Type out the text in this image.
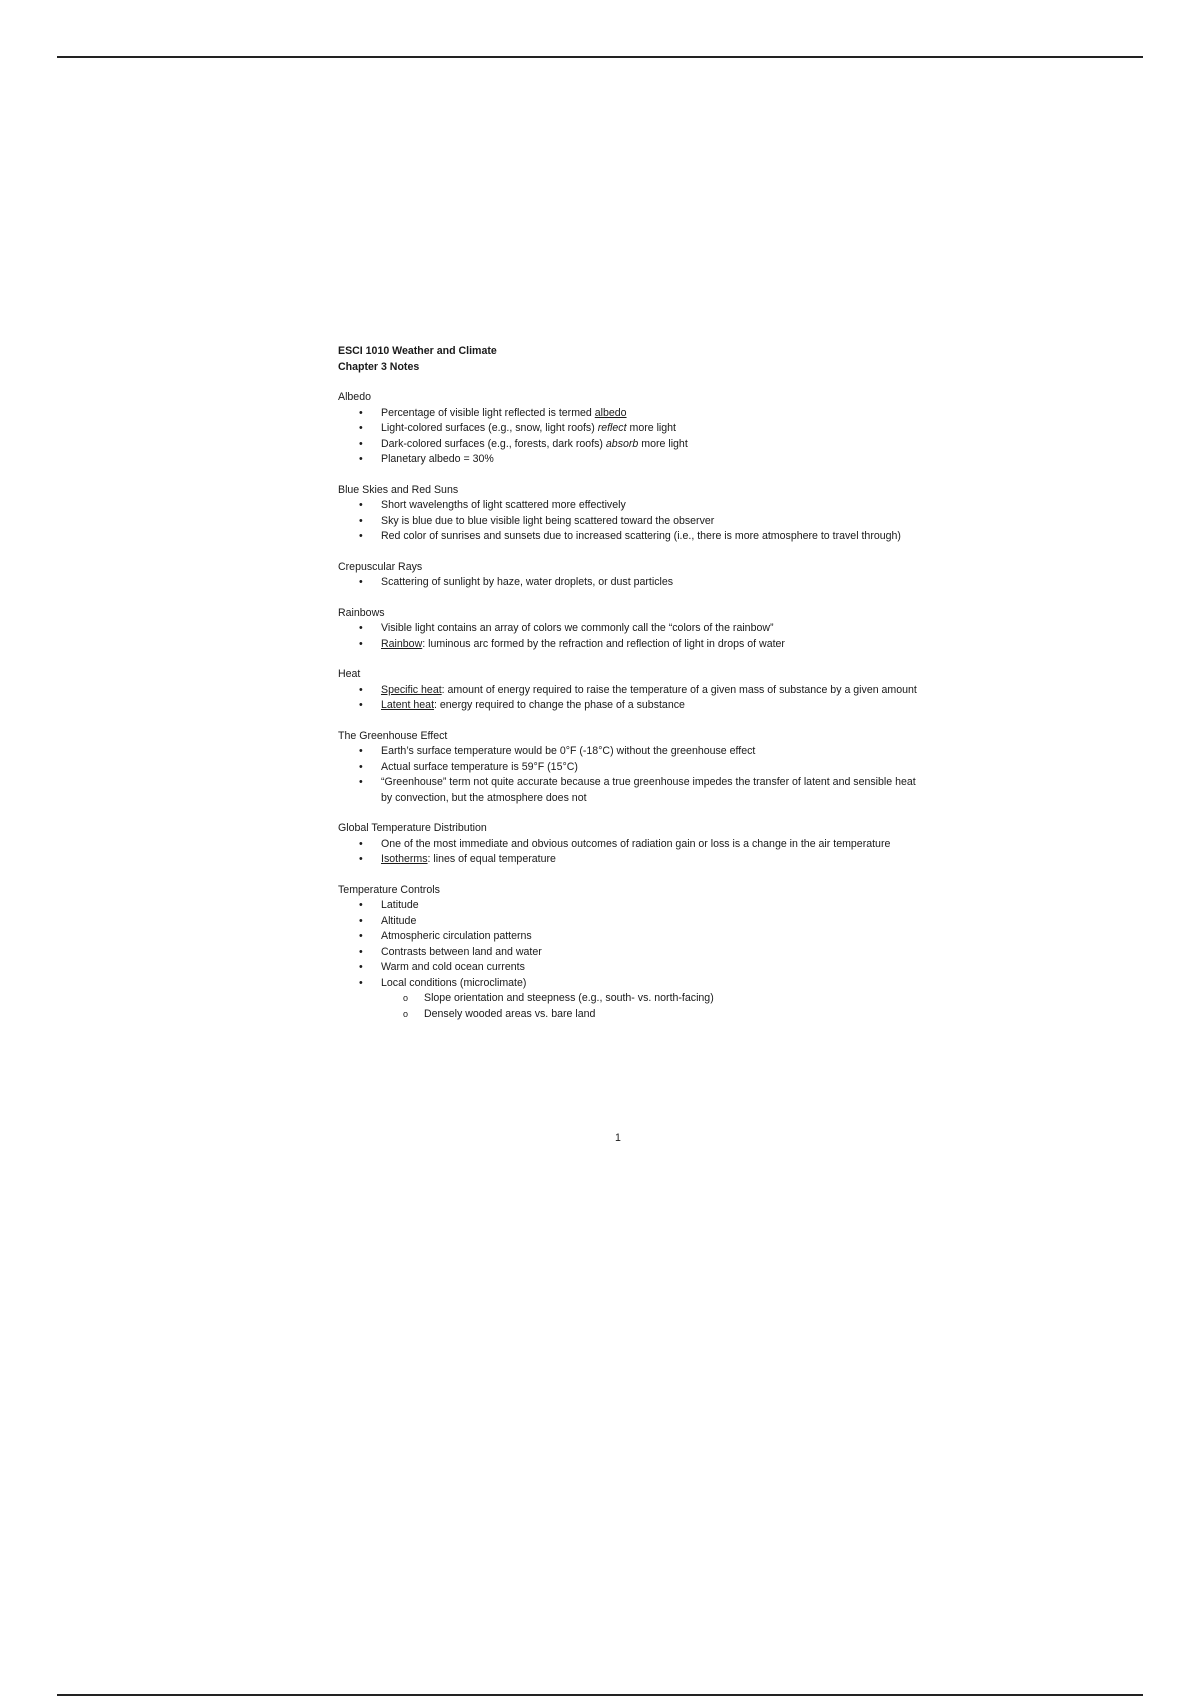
ESCI 1010 Weather and Climate
Chapter 3 Notes

Albedo

• Percentage of visible light reflected is termed albedo
• Light-colored surfaces (e.g., snow, light roofs) reflect more light
• Dark-colored surfaces (e.g., forests, dark roofs) absorb more light
• Planetary albedo = 30%

Blue Skies and Red Suns

• Short wavelengths of light scattered more effectively
• Sky is blue due to blue visible light being scattered toward the observer
• Red color of sunrises and sunsets due to increased scattering (i.e., there is more atmosphere to travel through)

Crepuscular Rays

• Scattering of sunlight by haze, water droplets, or dust particles

Rainbows

• Visible light contains an array of colors we commonly call the “colors of the rainbow”
• Rainbow: luminous arc formed by the refraction and reflection of light in drops of water

Heat

• Specific heat: amount of energy required to raise the temperature of a given mass of substance by a given amount
• Latent heat: energy required to change the phase of a substance

The Greenhouse Effect

• Earth’s surface temperature would be 0°F (-18°C) without the greenhouse effect
• Actual surface temperature is 59°F (15°C)
• “Greenhouse” term not quite accurate because a true greenhouse impedes the transfer of latent and sensible heat by convection, but the atmosphere does not

Global Temperature Distribution

• One of the most immediate and obvious outcomes of radiation gain or loss is a change in the air temperature
• Isotherms: lines of equal temperature

Temperature Controls

• Latitude
• Altitude
• Atmospheric circulation patterns
• Contrasts between land and water
• Warm and cold ocean currents
• Local conditions (microclimate)
o Slope orientation and steepness (e.g., south- vs. north-facing)
o Densely wooded areas vs. bare land
1
